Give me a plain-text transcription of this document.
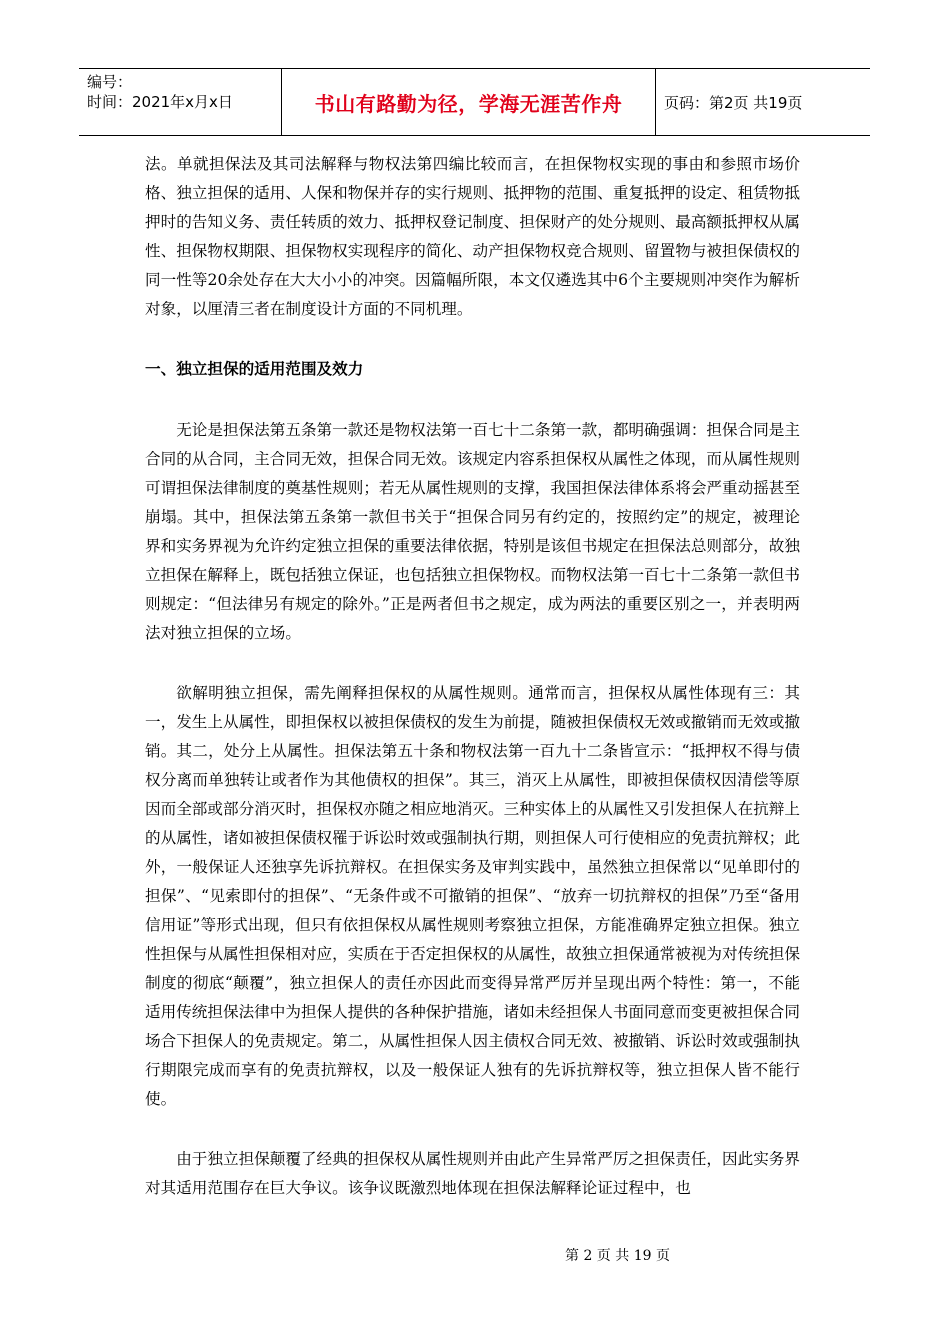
编号：
时间：2021年x月x日	书山有路勤为径，学海无涯苦作舟	页码：第2页 共19页

法。单就担保法及其司法解释与物权法第四编比较而言，在担保物权实现的事由和参照市场价格、独立担保的适用、人保和物保并存的实行规则、抵押物的范围、重复抵押的设定、租赁物抵押时的告知义务、责任转质的效力、抵押权登记制度、担保财产的处分规则、最高额抵押权从属性、担保物权期限、担保物权实现程序的简化、动产担保物权竞合规则、留置物与被担保债权的同一性等20余处存在大大小小的冲突。因篇幅所限，本文仅遴选其中6个主要规则冲突作为解析对象，以厘清三者在制度设计方面的不同机理。

一、独立担保的适用范围及效力

无论是担保法第五条第一款还是物权法第一百七十二条第一款，都明确强调：担保合同是主合同的从合同，主合同无效，担保合同无效。该规定内容系担保权从属性之体现，而从属性规则可谓担保法律制度的奠基性规则；若无从属性规则的支撑，我国担保法律体系将会严重动摇甚至崩塌。其中，担保法第五条第一款但书关于“担保合同另有约定的，按照约定”的规定，被理论界和实务界视为允许约定独立担保的重要法律依据，特别是该但书规定在担保法总则部分，故独立担保在解释上，既包括独立保证，也包括独立担保物权。而物权法第一百七十二条第一款但书则规定：“但法律另有规定的除外。”正是两者但书之规定，成为两法的重要区别之一，并表明两法对独立担保的立场。

欲解明独立担保，需先阐释担保权的从属性规则。通常而言，担保权从属性体现有三：其一，发生上从属性，即担保权以被担保债权的发生为前提，随被担保债权无效或撤销而无效或撤销。其二，处分上从属性。担保法第五十条和物权法第一百九十二条皆宣示：“抵押权不得与债权分离而单独转让或者作为其他债权的担保”。其三，消灭上从属性，即被担保债权因清偿等原因而全部或部分消灭时，担保权亦随之相应地消灭。三种实体上的从属性又引发担保人在抗辩上的从属性，诸如被担保债权罹于诉讼时效或强制执行期，则担保人可行使相应的免责抗辩权；此外，一般保证人还独享先诉抗辩权。在担保实务及审判实践中，虽然独立担保常以“见单即付的担保”、“见索即付的担保”、“无条件或不可撤销的担保”、“放弃一切抗辩权的担保”乃至“备用信用证”等形式出现，但只有依担保权从属性规则考察独立担保，方能准确界定独立担保。独立性担保与从属性担保相对应，实质在于否定担保权的从属性，故独立担保通常被视为对传统担保制度的彻底“颠覆”，独立担保人的责任亦因此而变得异常严厉并呈现出两个特性：第一，不能适用传统担保法律中为担保人提供的各种保护措施，诸如未经担保人书面同意而变更被担保合同场合下担保人的免责规定。第二，从属性担保人因主债权合同无效、被撤销、诉讼时效或强制执行期限完成而享有的免责抗辩权，以及一般保证人独有的先诉抗辩权等，独立担保人皆不能行使。

由于独立担保颠覆了经典的担保权从属性规则并由此产生异常严厉之担保责任，因此实务界对其适用范围存在巨大争议。该争议既激烈地体现在担保法解释论证过程中，也

第 2 页 共 19 页
